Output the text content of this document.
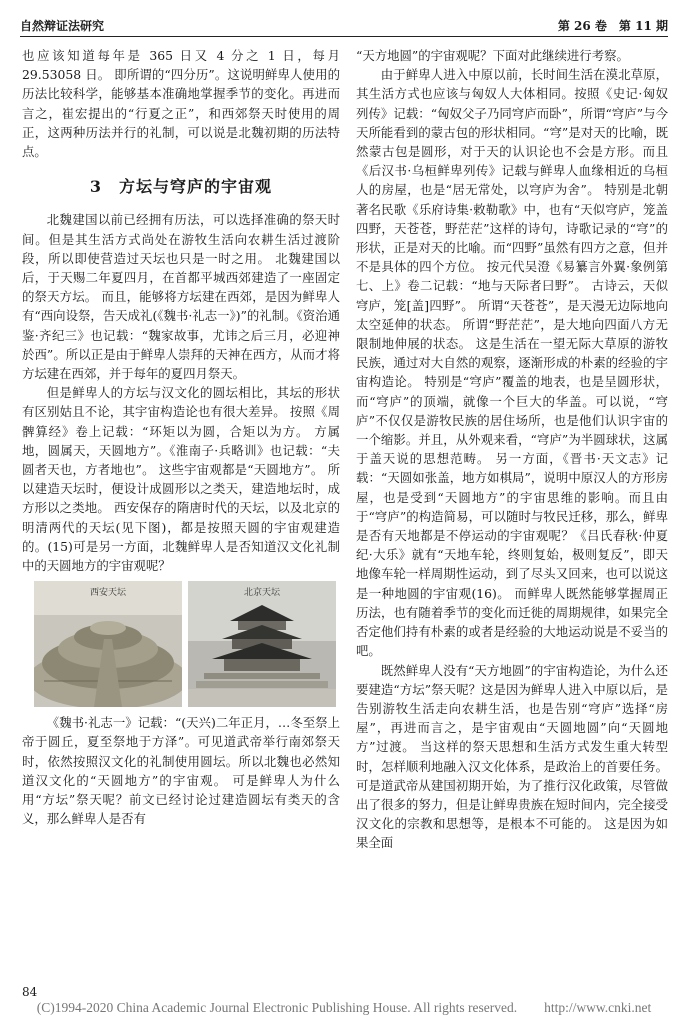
自然辩证法研究	第 26 卷　第 11 期

也应该知道每年是 365 日又 4 分之 1 日，每月 29.53058 日。 即所谓的“四分历”。这说明鲜卑人使用的历法比较科学，能够基本准确地掌握季节的变化。再进而言之，崔宏提出的“行夏之正”，和西郊祭天时使用的周正，这两种历法并行的礼制，可以说是北魏初期的历法特点。

3　方坛与穹庐的宇宙观

北魏建国以前已经拥有历法，可以选择准确的祭天时间。但是其生活方式尚处在游牧生活向农耕生活过渡阶段，所以即使营造过天坛也只是一时之用。 北魏建国以后，于天赐二年夏四月，在首都平城西郊建造了一座固定的祭天方坛。 而且，能够将方坛建在西郊，是因为鲜卑人有“西向设祭，告天成礼(《魏书·礼志一》)”的礼制。《资治通鉴·齐纪三》也记载：“魏家故事，尤讳之后三月，必迎神於西”。所以正是由于鲜卑人崇拜的天神在西方，从而才将方坛建在西郊，并于每年的夏四月祭天。

但是鲜卑人的方坛与汉文化的圆坛相比，其坛的形状有区别姑且不论，其宇宙构造论也有很大差异。 按照《周髀算经》卷上记载：“环矩以为圆，合矩以为方。 方属地，圆属天，天圆地方”。《淮南子·兵略训》也记载：“夫圆者天也，方者地也”。 这些宇宙观都是“天圆地方”。 所以建造天坛时，便设计成圆形以之类天，建造地坛时，成方形以之类地。 西安保存的隋唐时代的天坛，以及北京的明清两代的天坛(见下图)，都是按照天圆的宇宙观建造的。(15)可是另一方面，北魏鲜卑人是否知道汉文化礼制中的天圆地方的宇宙观呢？

西安天坛	北京天坛

《魏书·礼志一》记载：“(天兴)二年正月，…冬至祭上帝于圆丘，夏至祭地于方泽”。可见道武帝举行南郊祭天时，依然按照汉文化的礼制使用圆坛。所以北魏也必然知道汉文化的“天圆地方”的宇宙观。 可是鲜卑人为什么用“方坛”祭天呢？前文已经讨论过建造圆坛有类天的含义，那么鲜卑人是否有

“天方地圆”的宇宙观呢？下面对此继续进行考察。

由于鲜卑人进入中原以前，长时间生活在漠北草原，其生活方式也应该与匈奴人大体相同。按照《史记·匈奴列传》记载：“匈奴父子乃同穹庐而卧”，所谓“穹庐”与今天所能看到的蒙古包的形状相同。“穹”是对天的比喻，既然蒙古包是圆形，对于天的认识论也不会是方形。而且《后汉书·乌桓鲜卑列传》记载与鲜卑人血缘相近的乌桓人的房屋，也是“居无常处，以穹庐为舍”。 特别是北朝著名民歌《乐府诗集·敕勒歌》中，也有“天似穹庐，笼盖四野，天苍苍，野茫茫”这样的诗句，诗歌记录的“穹”的形状，正是对天的比喻。而“四野”虽然有四方之意，但并不是具体的四个方位。 按元代吴澄《易纂言外翼·象例第七、上》卷二记载：“地与天际者曰野”。 古诗云，天似穹庐，笼[盖]四野”。 所谓“天苍苍”，是天漫无边际地向太空延伸的状态。 所谓“野茫茫”，是大地向四面八方无限制地伸展的状态。 这是生活在一望无际大草原的游牧民族，通过对大自然的观察，逐渐形成的朴素的经验的宇宙构造论。 特别是“穹庐”覆盖的地表，也是呈圆形状，而“穹庐”的顶端，就像一个巨大的华盖。可以说，“穹庐”不仅仅是游牧民族的居住场所，也是他们认识宇宙的一个缩影。并且，从外观来看，“穹庐”为半圆球状，这属于盖天说的思想范畴。 另一方面，《晋书·天文志》记载：“天圆如张盖，地方如棋局”，说明中原汉人的方形房屋，也是受到“天圆地方”的宇宙思维的影响。而且由于“穹庐”的构造简易，可以随时与牧民迁移，那么，鲜卑是否有天地都是不停运动的宇宙观呢？《吕氏春秋·仲夏纪·大乐》就有“天地车轮，终则复始，极则复反”，即天地像车轮一样周期性运动，到了尽头又回来，也可以说这是一种地圆的宇宙观(16)。 而鲜卑人既然能够掌握周正历法，也有随着季节的变化而迁徙的周期规律，如果完全否定他们持有朴素的或者是经验的大地运动说是不妥当的吧。

既然鲜卑人没有“天方地圆”的宇宙构造论，为什么还要建造“方坛”祭天呢？这是因为鲜卑人进入中原以后，是告别游牧生活走向农耕生活，也是告别“穹庐”选择“房屋”，再进而言之，是宇宙观由“天圆地圆”向“天圆地方”过渡。 当这样的祭天思想和生活方式发生重大转型时，怎样顺利地融入汉文化体系，是政治上的首要任务。可是道武帝从建国初期开始，为了推行汉化政策，尽管做出了很多的努力，但是让鲜卑贵族在短时间内，完全接受汉文化的宗教和思想等，是根本不可能的。 这是因为如果全面

84
(C)1994-2020 China Academic Journal Electronic Publishing House. All rights reserved.　　http://www.cnki.net
